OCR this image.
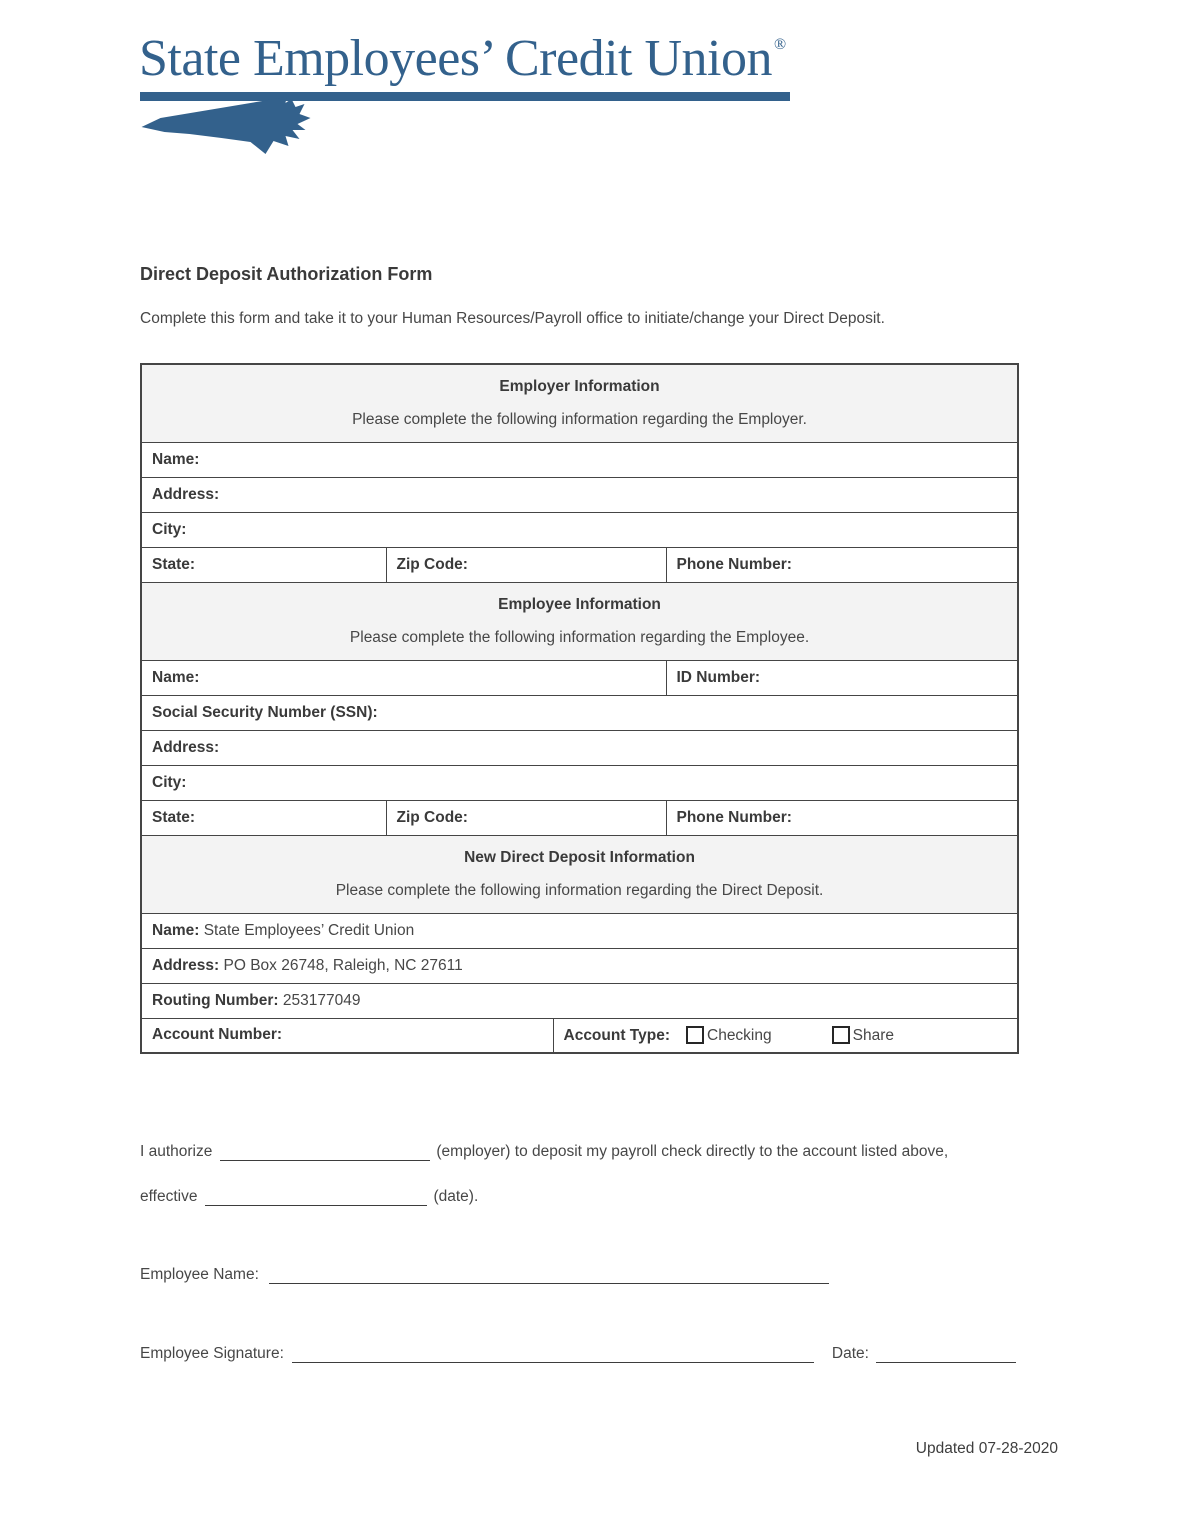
State Employees’ Credit Union ®
Direct Deposit Authorization Form
Complete this form and take it to your Human Resources/Payroll office to initiate/change your Direct Deposit.
Employer Information
Please complete the following information regarding the Employer.			

Name:			
Address:			
City:			
State:	Zip Code:		Phone Number:

Employee Information
Please complete the following information regarding the Employee.			

Name:			ID Number:
Social Security Number (SSN):			
Address:			
City:			
State:	Zip Code:		Phone Number:

New Direct Deposit Information
Please complete the following information regarding the Direct Deposit.			

Name: State Employees’ Credit Union			
Address: PO Box 26748, Raleigh, NC 27611			
Routing Number: 253177049			
Account Number:		Account Type: Checking Share	
I authorize	(employer) to deposit my payroll check directly to the account listed above,
effective	(date).
Employee Name:
Employee Signature:	Date:
Updated 07-28-2020
